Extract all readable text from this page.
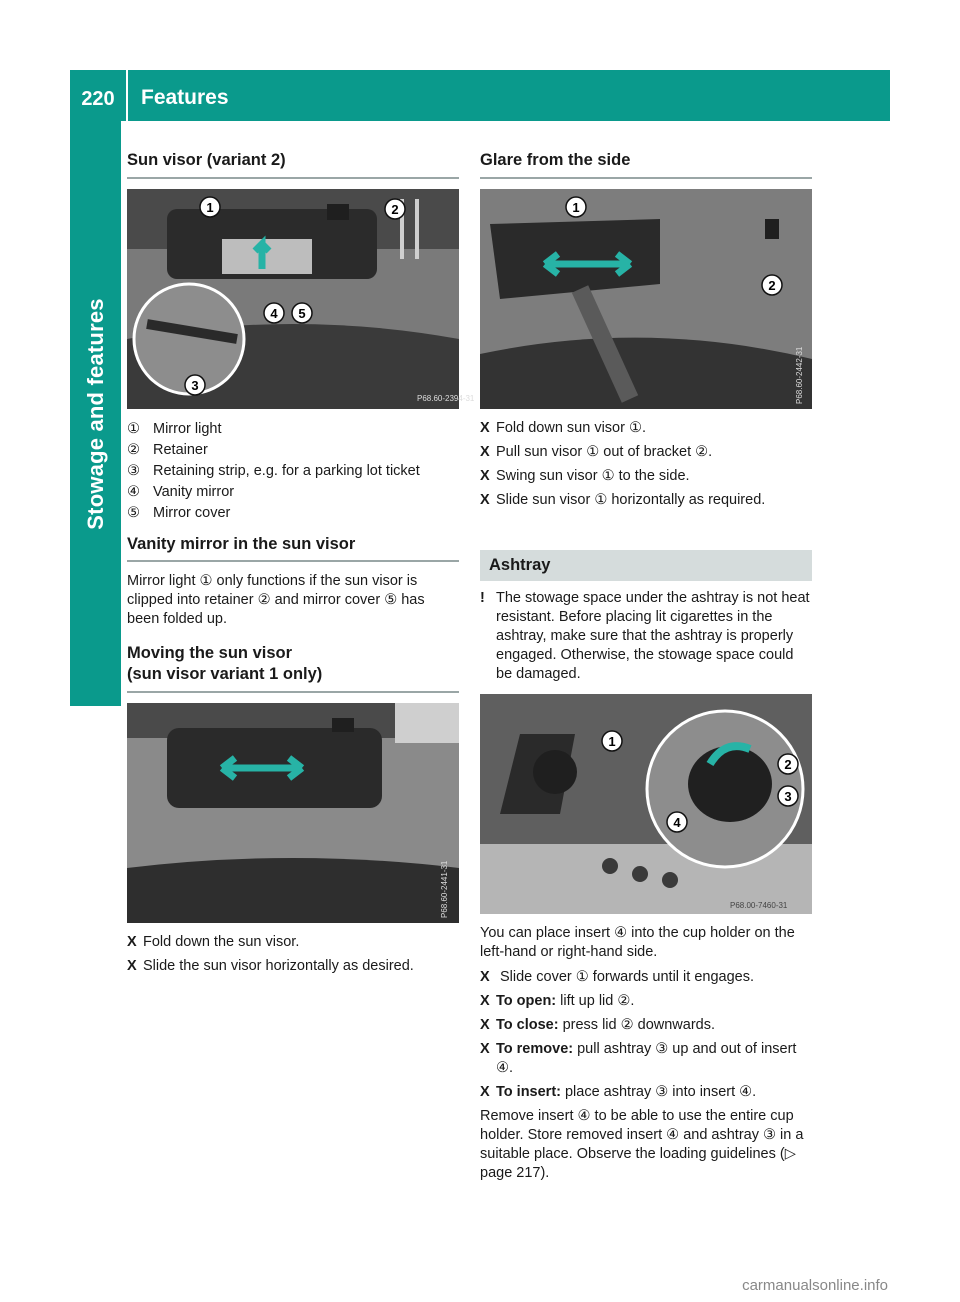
220	Features
Stowage and features
Sun visor (variant 2)
P68.60-2394-31
1	2
3
4 5
① Mirror light
② Retainer
③ Retaining strip, e.g. for a parking lot ticket
④ Vanity mirror
⑤ Mirror cover
Vanity mirror in the sun visor
Mirror light ① only functions if the sun visor is clipped into retainer ② and mirror cover ⑤ has been folded up.
Moving the sun visor
(sun visor variant 1 only)
P68.60-2441-31
X Fold down the sun visor.
X Slide the sun visor horizontally as desired.
Glare from the side
P68.60-2442-31
1
2
X Fold down sun visor ①.
X Pull sun visor ① out of bracket ②.
X Swing sun visor ① to the side.
X Slide sun visor ① horizontally as required.
Ashtray
! The stowage space under the ashtray is not heat resistant. Before placing lit cigarettes in the ashtray, make sure that the ashtray is properly engaged. Otherwise, the stowage space could be damaged.
P68.00-7460-31
1
2
3
4
You can place insert ④ into the cup holder on the left-hand or right-hand side.
X Slide cover ① forwards until it engages.
X To open: lift up lid ②.
X To close: press lid ② downwards.
X To remove: pull ashtray ③ up and out of insert ④.
X To insert: place ashtray ③ into insert ④.
Remove insert ④ to be able to use the entire cup holder. Store removed insert ④ and ashtray ③ in a suitable place. Observe the loading guidelines (▷ page 217).
carmanualsonline.info
